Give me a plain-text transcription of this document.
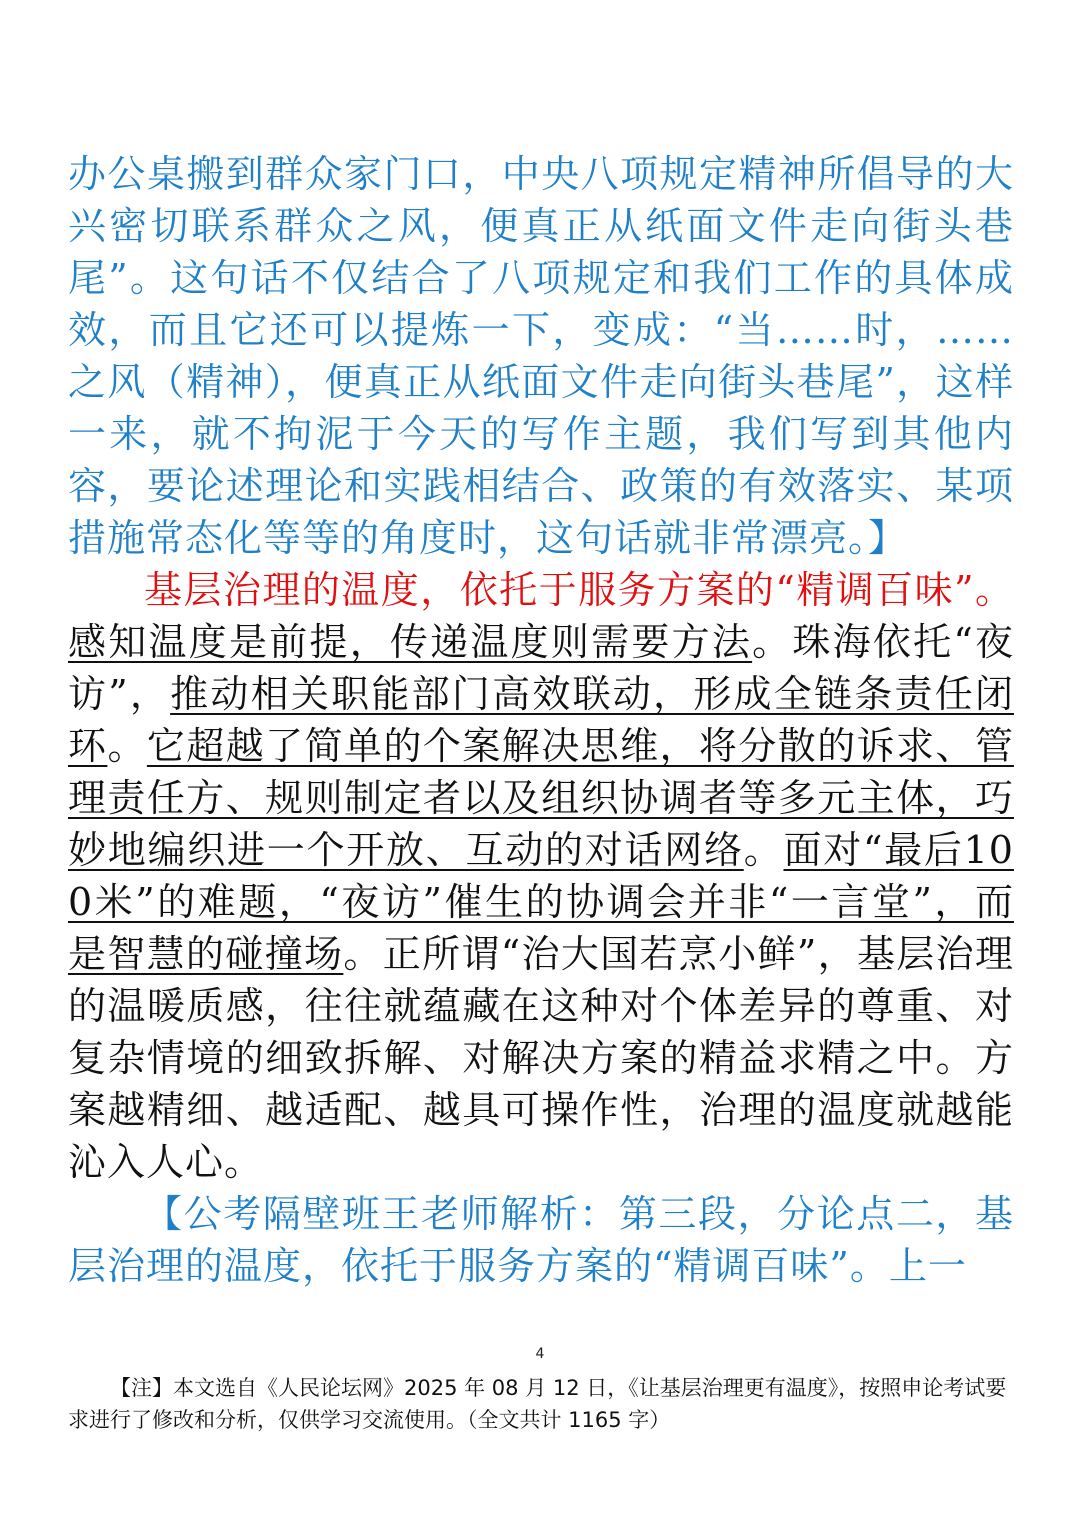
办公桌搬到群众家门口，中央八项规定精神所倡导的大兴密切联系群众之风，便真正从纸面文件走向街头巷尾”。这句话不仅结合了八项规定和我们工作的具体成效，而且它还可以提炼一下，变成：“当……时，……之风（精神），便真正从纸面文件走向街头巷尾”，这样一来，就不拘泥于今天的写作主题，我们写到其他内容，要论述理论和实践相结合、政策的有效落实、某项措施常态化等等的角度时，这句话就非常漂亮。】

基层治理的温度，依托于服务方案的“精调百味”。感知温度是前提，传递温度则需要方法。珠海依托“夜访”，推动相关职能部门高效联动，形成全链条责任闭环。它超越了简单的个案解决思维，将分散的诉求、管理责任方、规则制定者以及组织协调者等多元主体，巧妙地编织进一个开放、互动的对话网络。面对“最后100米”的难题，“夜访”催生的协调会并非“一言堂”，而是智慧的碰撞场。正所谓“治大国若烹小鲜”，基层治理的温暖质感，往往就蕴藏在这种对个体差异的尊重、对复杂情境的细致拆解、对解决方案的精益求精之中。方案越精细、越适配、越具可操作性，治理的温度就越能沁入人心。

【公考隔壁班王老师解析：第三段，分论点二，基层治理的温度，依托于服务方案的“精调百味”。上一

4
【注】本文选自《人民论坛网》2025 年 08 月 12 日，《让基层治理更有温度》，按照申论考试要求进行了修改和分析，仅供学习交流使用。（全文共计 1165 字）
